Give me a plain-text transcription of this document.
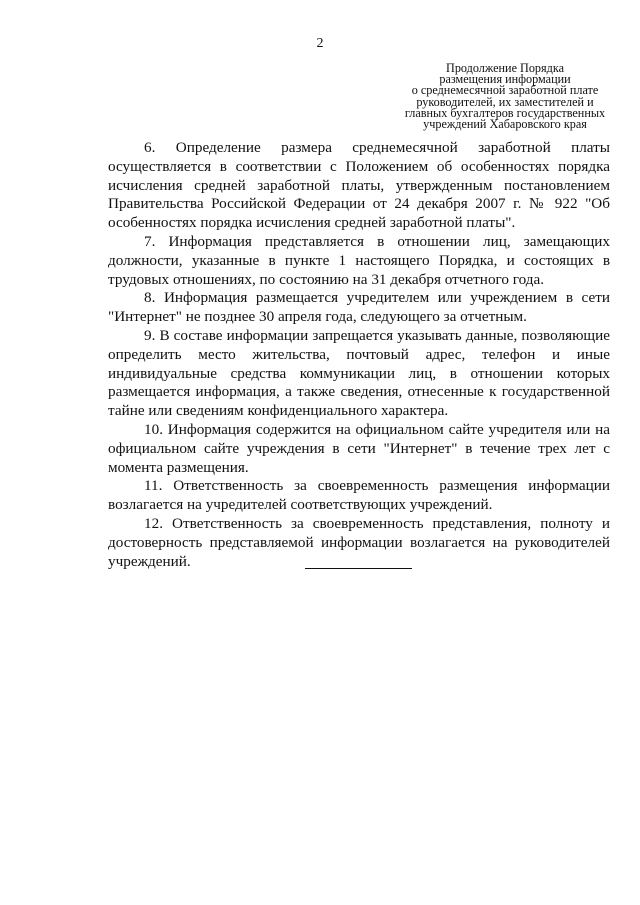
2
Продолжение Порядка
размещения информации
о среднемесячной заработной плате
руководителей, их заместителей и
главных бухгалтеров государственных
учреждений Хабаровского края

6. Определение размера среднемесячной заработной платы осуществляется в соответствии с Положением об особенностях порядка исчисления средней заработной платы, утвержденным постановлением Правительства Российской Федерации от 24 декабря 2007 г. № 922 "Об особенностях порядка исчисления средней заработной платы".

7. Информация представляется в отношении лиц, замещающих должности, указанные в пункте 1 настоящего Порядка, и состоящих в трудовых отношениях, по состоянию на 31 декабря отчетного года.

8. Информация размещается учредителем или учреждением в сети "Интернет" не позднее 30 апреля года, следующего за отчетным.

9. В составе информации запрещается указывать данные, позволяющие определить место жительства, почтовый адрес, телефон и иные индивидуальные средства коммуникации лиц, в отношении которых размещается информация, а также сведения, отнесенные к государственной тайне или сведениям конфиденциального характера.

10. Информация содержится на официальном сайте учредителя или на официальном сайте учреждения в сети "Интернет" в течение трех лет с момента размещения.

11. Ответственность за своевременность размещения информации возлагается на учредителей соответствующих учреждений.

12. Ответственность за своевременность представления, полноту и достоверность представляемой информации возлагается на руководителей учреждений.
